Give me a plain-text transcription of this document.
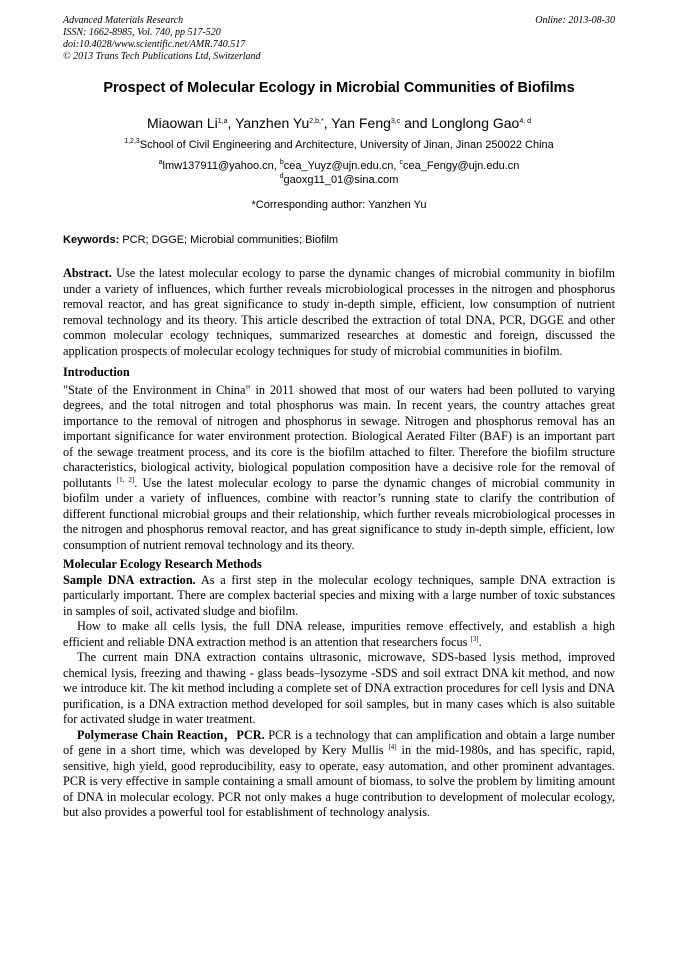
Advanced Materials Research
ISSN: 1662-8985, Vol. 740, pp 517-520
doi:10.4028/www.scientific.net/AMR.740.517
© 2013 Trans Tech Publications Ltd, Switzerland
Online: 2013-08-30
Prospect of Molecular Ecology in Microbial Communities of Biofilms
Miaowan Li$^{1,a}$, Yanzhen $Yu^{2,b,*}$, Yan Feng$^{3,c}$ and Longlong Gao$^{4, d}$
$^{1,2,3}$School of Civil Engineering and Architecture, University of Jinan, Jinan 250022 China
$^a$lmw137911@yahoo.cn, $^b$cea_Yuyz@ujn.edu.cn, $^c$cea_Fengy@ujn.edu.cn
$^d$gaoxg11_01@sina.com
*Corresponding author: Yanzhen Yu
Keywords: PCR; DGGE; Microbial communities; Biofilm

Abstract. Use the latest molecular ecology to parse the dynamic changes of microbial community in biofilm under a variety of influences, which further reveals microbiological processes in the nitrogen and phosphorus removal reactor, and has great significance to study in-depth simple, efficient, low consumption of nutrient removal technology and its theory. This article described the extraction of total DNA, PCR, DGGE and other common molecular ecology techniques, summarized researches at domestic and foreign, discussed the application prospects of molecular ecology techniques for study of microbial communities in biofilm.

Introduction

"State of the Environment in China" in 2011 showed that most of our waters had been polluted to varying degrees, and the total nitrogen and total phosphorus was main. In recent years, the country attaches great importance to the removal of nitrogen and phosphorus in sewage. Nitrogen and phosphorus removal has an important significance for water environment protection. Biological Aerated Filter (BAF) is an important part of the sewage treatment process, and its core is the biofilm attached to filter. Therefore the biofilm structure characteristics, biological activity, biological population composition have a decisive role for the removal of pollutants [1, 2]. Use the latest molecular ecology to parse the dynamic changes of microbial community in biofilm under a variety of influences, combine with reactor’s running state to clarify the contribution of different functional microbial groups and their relationship, which further reveals microbiological processes in the nitrogen and phosphorus removal reactor, and has great significance to study in-depth simple, efficient, low consumption of nutrient removal technology and its theory.

Molecular Ecology Research Methods

Sample DNA extraction. As a first step in the molecular ecology techniques, sample DNA extraction is particularly important. There are complex bacterial species and mixing with a large number of toxic substances in samples of soil, activated sludge and biofilm.

How to make all cells lysis, the full DNA release, impurities remove effectively, and establish a high efficient and reliable DNA extraction method is an attention that researchers focus [3].

The current main DNA extraction contains ultrasonic, microwave, SDS-based lysis method, improved chemical lysis, freezing and thawing - glass beads–lysozyme -SDS and soil extract DNA kit method, and now we introduce kit. The kit method including a complete set of DNA extraction procedures for cell lysis and DNA purification, is a DNA extraction method developed for soil samples, but in many cases which is also suitable for activated sludge in water treatment.

Polymerase Chain Reaction，PCR. PCR is a technology that can amplification and obtain a large number of gene in a short time, which was developed by Kery Mullis [4] in the mid-1980s, and has specific, rapid, sensitive, high yield, good reproducibility, easy to operate, easy automation, and other prominent advantages. PCR is very effective in sample containing a small amount of biomass, to solve the problem by limiting amount of DNA in molecular ecology. PCR not only makes a huge contribution to development of molecular ecology, but also provides a powerful tool for establishment of technology analysis.
